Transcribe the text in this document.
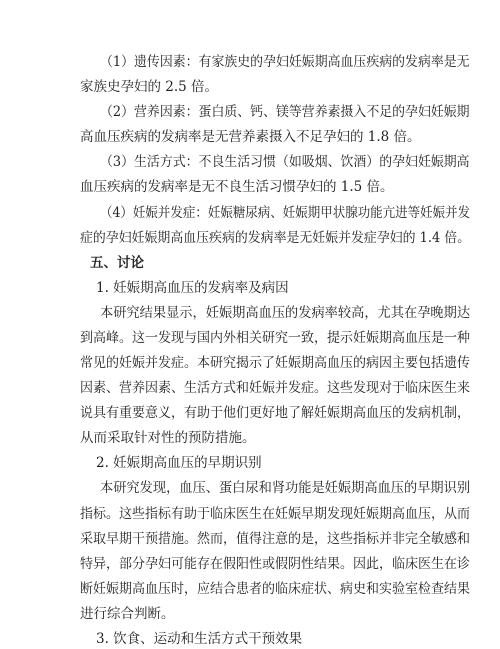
（1）遗传因素：有家族史的孕妇妊娠期高血压疾病的发病率是无
家族史孕妇的 2.5 倍。
（2）营养因素：蛋白质、钙、镁等营养素摄入不足的孕妇妊娠期
高血压疾病的发病率是无营养素摄入不足孕妇的 1.8 倍。
（3）生活方式：不良生活习惯（如吸烟、饮酒）的孕妇妊娠期高
血压疾病的发病率是无不良生活习惯孕妇的 1.5 倍。
（4）妊娠并发症：妊娠糖尿病、妊娠期甲状腺功能亢进等妊娠并发
症的孕妇妊娠期高血压疾病的发病率是无妊娠并发症孕妇的 1.4 倍。
五、讨论
1. 妊娠期高血压的发病率及病因
本研究结果显示，妊娠期高血压的发病率较高，尤其在孕晚期达
到高峰。这一发现与国内外相关研究一致，提示妊娠期高血压是一种
常见的妊娠并发症。本研究揭示了妊娠期高血压的病因主要包括遗传
因素、营养因素、生活方式和妊娠并发症。这些发现对于临床医生来
说具有重要意义，有助于他们更好地了解妊娠期高血压的发病机制，
从而采取针对性的预防措施。
2. 妊娠期高血压的早期识别
本研究发现，血压、蛋白尿和肾功能是妊娠期高血压的早期识别
指标。这些指标有助于临床医生在妊娠早期发现妊娠期高血压，从而
采取早期干预措施。然而，值得注意的是，这些指标并非完全敏感和
特异，部分孕妇可能存在假阳性或假阴性结果。因此，临床医生在诊
断妊娠期高血压时，应结合患者的临床症状、病史和实验室检查结果
进行综合判断。
3. 饮食、运动和生活方式干预效果
